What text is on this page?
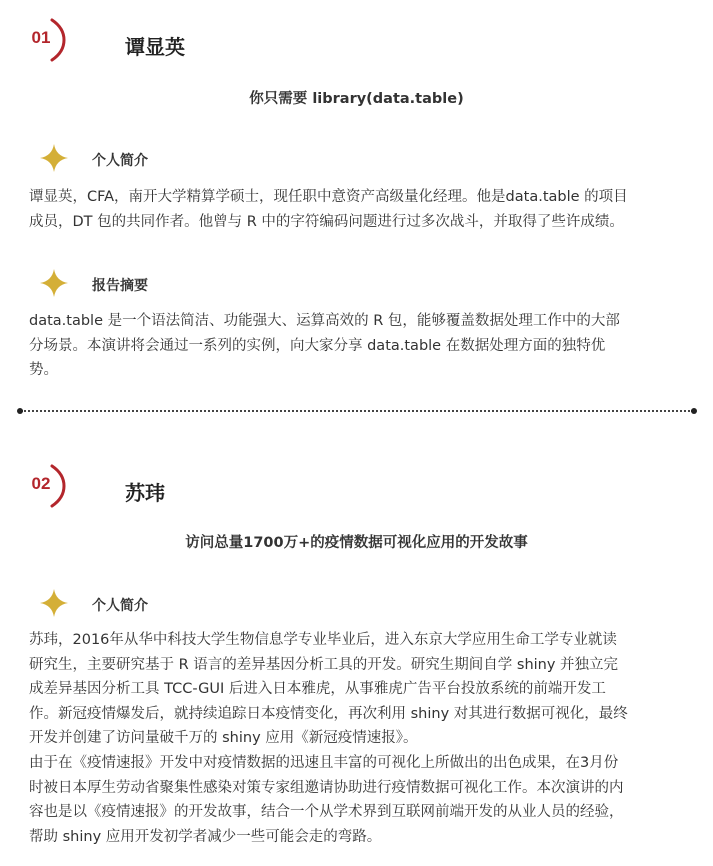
01	谭显英
你只需要 library(data.table)
个人简介

谭显英，CFA，南开大学精算学硕士，现任职中意资产高级量化经理。他是data.table 的项目
成员，DT 包的共同作者。他曾与 R 中的字符编码问题进行过多次战斗，并取得了些许成绩。

报告摘要

data.table 是一个语法简洁、功能强大、运算高效的 R 包，能够覆盖数据处理工作中的大部
分场景。本演讲将会通过一系列的实例，向大家分享 data.table 在数据处理方面的独特优
势。

02	苏玮
访问总量1700万+的疫情数据可视化应用的开发故事
个人简介

苏玮，2016年从华中科技大学生物信息学专业毕业后，进入东京大学应用生命工学专业就读
研究生，主要研究基于 R 语言的差异基因分析工具的开发。研究生期间自学 shiny 并独立完
成差异基因分析工具 TCC-GUI 后进入日本雅虎，从事雅虎广告平台投放系统的前端开发工
作。新冠疫情爆发后，就持续追踪日本疫情变化，再次利用 shiny 对其进行数据可视化，最终
开发并创建了访问量破千万的 shiny 应用《新冠疫情速报》。
由于在《疫情速报》开发中对疫情数据的迅速且丰富的可视化上所做出的出色成果，在3月份
时被日本厚生劳动省聚集性感染对策专家组邀请协助进行疫情数据可视化工作。本次演讲的内
容也是以《疫情速报》的开发故事，结合一个从学术界到互联网前端开发的从业人员的经验，
帮助 shiny 应用开发初学者减少一些可能会走的弯路。
